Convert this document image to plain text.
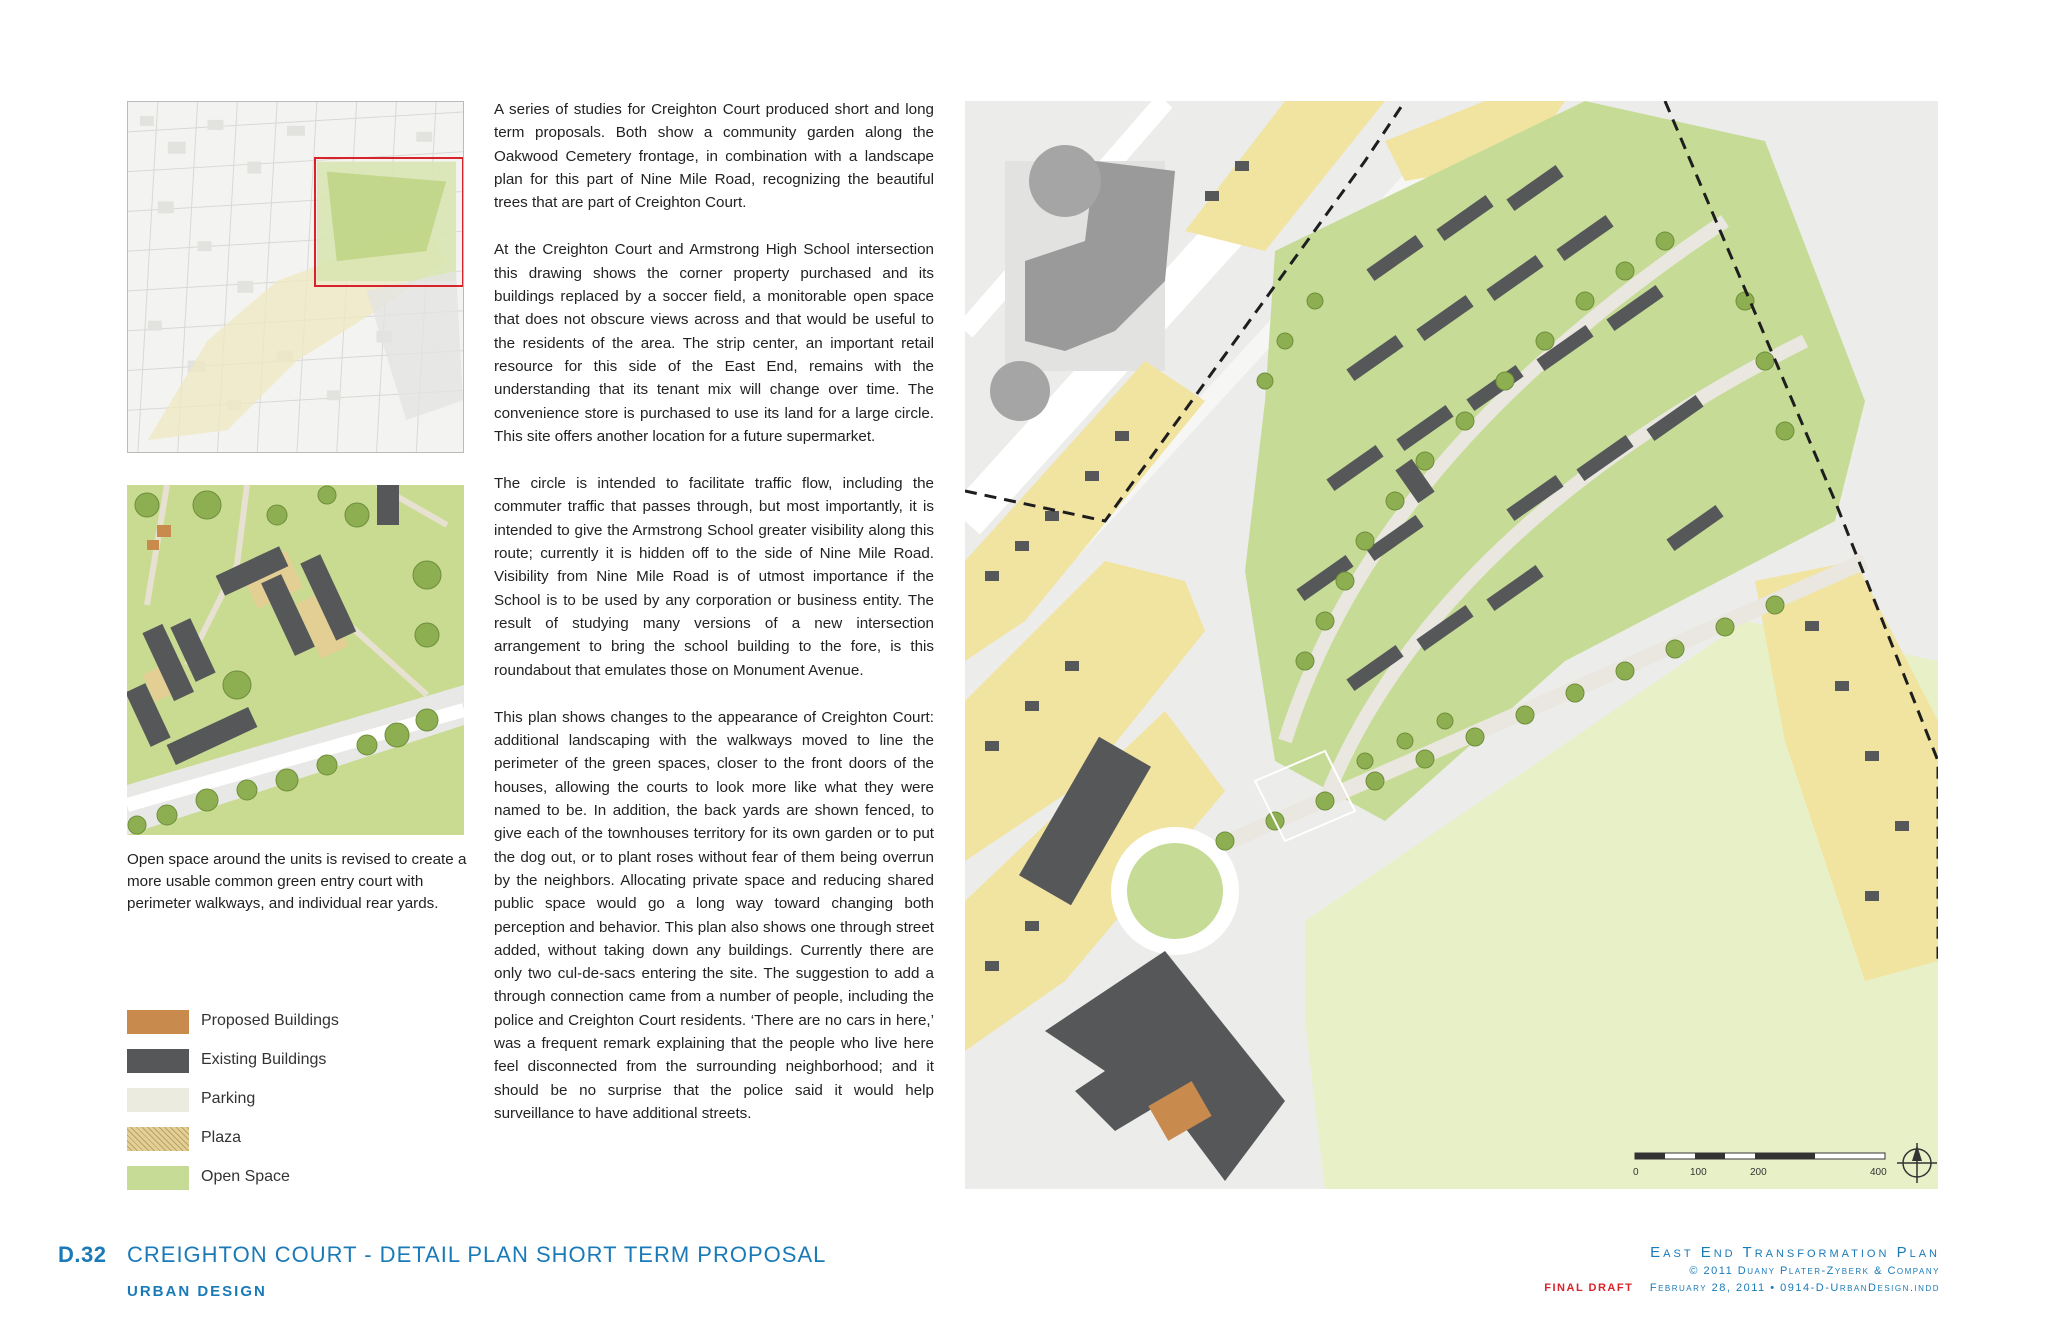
Open space around the units is revised to create a more usable common green entry court with perimeter walkways, and individual rear yards.
Proposed Buildings
Existing Buildings
Parking
Plaza
Open Space

A series of studies for Creighton Court produced short and long term proposals. Both show a community garden along the Oakwood Cemetery frontage, in combination with a landscape plan for this part of Nine Mile Road, recognizing the beautiful trees that are part of Creighton Court.

At the Creighton Court and Armstrong High School intersection this drawing shows the corner property purchased and its buildings replaced by a soccer field, a monitorable open space that does not obscure views across and that would be useful to the residents of the area. The strip center, an important retail resource for this side of the East End, remains with the understanding that its tenant mix will change over time. The convenience store is purchased to use its land for a large circle. This site offers another location for a future supermarket.

The circle is intended to facilitate traffic flow, including the commuter traffic that passes through, but most importantly, it is intended to give the Armstrong School greater visibility along this route; currently it is hidden off to the side of Nine Mile Road. Visibility from Nine Mile Road is of utmost importance if the School is to be used by any corporation or business entity. The result of studying many versions of a new intersection arrangement to bring the school building to the fore, is this roundabout that emulates those on Monument Avenue.

This plan shows changes to the appearance of Creighton Court: additional landscaping with the walkways moved to line the perimeter of the green spaces, closer to the front doors of the houses, allowing the courts to look more like what they were named to be. In addition, the back yards are shown fenced, to give each of the townhouses territory for its own garden or to put the dog out, or to plant roses without fear of them being overrun by the neighbors. Allocating private space and reducing shared public space would go a long way toward changing both perception and behavior. This plan also shows one through street added, without taking down any buildings. Currently there are only two cul-de-sacs entering the site. The suggestion to add a through connection came from a number of people, including the police and Creighton Court residents. ‘There are no cars in here,’ was a frequent remark explaining that the people who live here feel disconnected from the surrounding neighborhood; and it should be no surprise that the police said it would help surveillance to have additional streets.

0	100	200	400
D.32 CREIGHTON COURT - DETAIL PLAN SHORT TERM PROPOSAL
URBAN DESIGN
East End Transformation Plan
© 2011 Duany Plater-Zyberk & Company
FINAL DRAFT February 28, 2011 • 0914-D-UrbanDesign.indd
